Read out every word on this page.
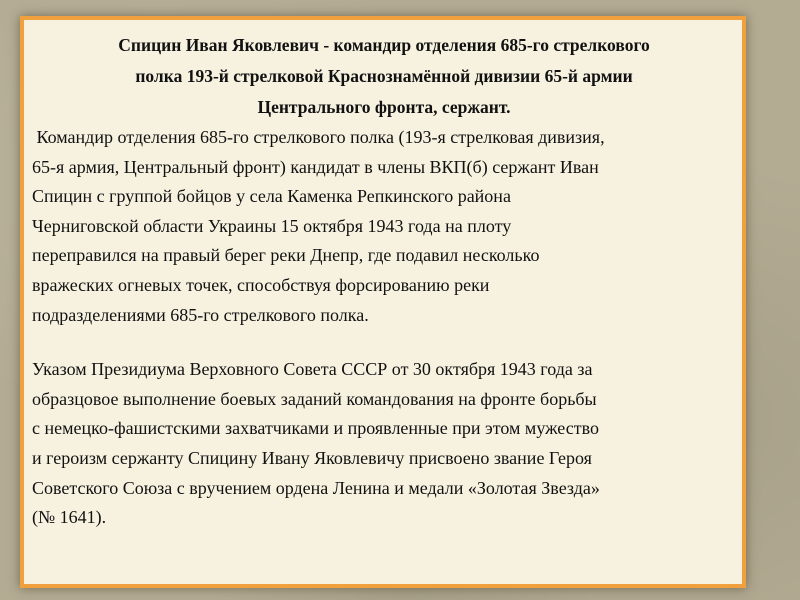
Спицин Иван Яковлевич - командир отделения 685-го стрелкового
полка 193-й стрелковой Краснознамённой дивизии 65-й армии
Центрального фронта, сержант.
Командир отделения 685-го стрелкового полка (193-я стрелковая дивизия,
65-я армия, Центральный фронт) кандидат в члены ВКП(б) сержант Иван
Спицин с группой бойцов у села Каменка Репкинского района
Черниговской области Украины 15 октября 1943 года на плоту
переправился на правый берег реки Днепр, где подавил несколько
вражеских огневых точек, способствуя форсированию реки
подразделениями 685-го стрелкового полка.
Указом Президиума Верховного Совета СССР от 30 октября 1943 года за
образцовое выполнение боевых заданий командования на фронте борьбы
с немецко-фашистскими захватчиками и проявленные при этом мужество
и героизм сержанту Спицину Ивану Яковлевичу присвоено звание Героя
Советского Союза с вручением ордена Ленина и медали «Золотая Звезда»
(№ 1641).
